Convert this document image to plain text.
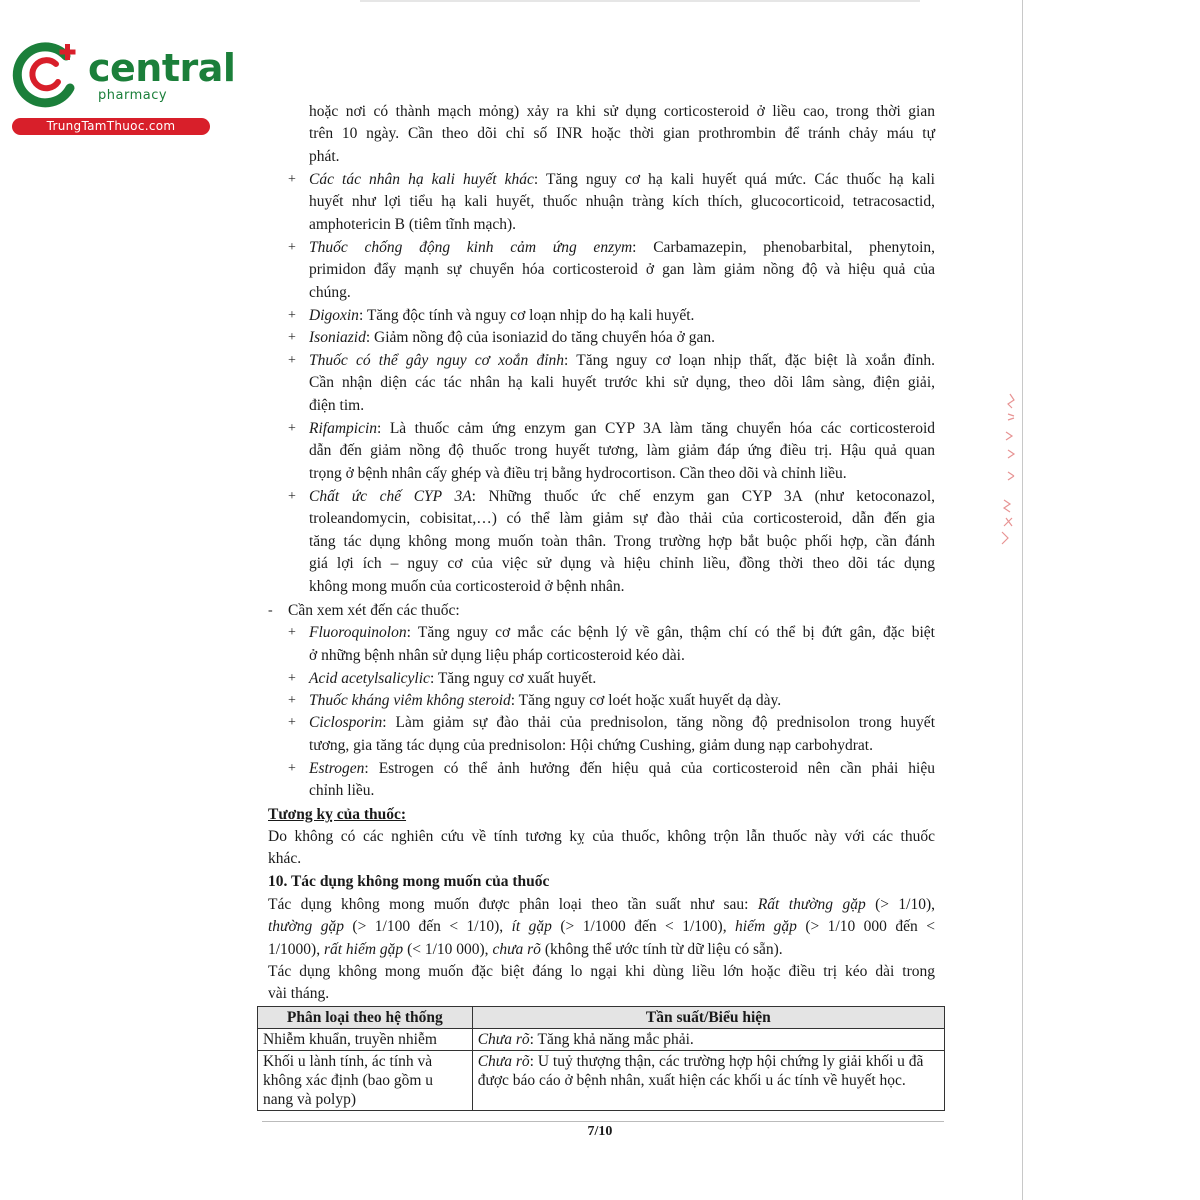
central
pharmacy
TrungTamThuoc.com
hoặc nơi có thành mạch mỏng) xảy ra khi sử dụng corticosteroid ở liều cao, trong thời gian
trên 10 ngày. Cần theo dõi chỉ số INR hoặc thời gian prothrombin để tránh chảy máu tự
phát.
+ Các tác nhân hạ kali huyết khác: Tăng nguy cơ hạ kali huyết quá mức. Các thuốc hạ kali
huyết như lợi tiểu hạ kali huyết, thuốc nhuận tràng kích thích, glucocorticoid, tetracosactid,
amphotericin B (tiêm tĩnh mạch).
+ Thuốc chống động kinh cảm ứng enzym: Carbamazepin, phenobarbital, phenytoin,
primidon đẩy mạnh sự chuyển hóa corticosteroid ở gan làm giảm nồng độ và hiệu quả của
chúng.
+ Digoxin: Tăng độc tính và nguy cơ loạn nhịp do hạ kali huyết.
+ Isoniazid: Giảm nồng độ của isoniazid do tăng chuyển hóa ở gan.
+ Thuốc có thể gây nguy cơ xoắn đỉnh: Tăng nguy cơ loạn nhịp thất, đặc biệt là xoắn đỉnh.
Cần nhận diện các tác nhân hạ kali huyết trước khi sử dụng, theo dõi lâm sàng, điện giải,
điện tim.
+ Rifampicin: Là thuốc cảm ứng enzym gan CYP 3A làm tăng chuyển hóa các corticosteroid
dẫn đến giảm nồng độ thuốc trong huyết tương, làm giảm đáp ứng điều trị. Hậu quả quan
trọng ở bệnh nhân cấy ghép và điều trị bằng hydrocortison. Cần theo dõi và chỉnh liều.
+ Chất ức chế CYP 3A: Những thuốc ức chế enzym gan CYP 3A (như ketoconazol,
troleandomycin, cobisitat,…) có thể làm giảm sự đào thải của corticosteroid, dẫn đến gia
tăng tác dụng không mong muốn toàn thân. Trong trường hợp bắt buộc phối hợp, cần đánh
giá lợi ích – nguy cơ của việc sử dụng và hiệu chỉnh liều, đồng thời theo dõi tác dụng
không mong muốn của corticosteroid ở bệnh nhân.
- Cần xem xét đến các thuốc:
+ Fluoroquinolon: Tăng nguy cơ mắc các bệnh lý về gân, thậm chí có thể bị đứt gân, đặc biệt
ở những bệnh nhân sử dụng liệu pháp corticosteroid kéo dài.
+ Acid acetylsalicylic: Tăng nguy cơ xuất huyết.
+ Thuốc kháng viêm không steroid: Tăng nguy cơ loét hoặc xuất huyết dạ dày.
+ Ciclosporin: Làm giảm sự đào thải của prednisolon, tăng nồng độ prednisolon trong huyết
tương, gia tăng tác dụng của prednisolon: Hội chứng Cushing, giảm dung nạp carbohydrat.
+ Estrogen: Estrogen có thể ảnh hưởng đến hiệu quả của corticosteroid nên cần phải hiệu
chỉnh liều.
Tương kỵ của thuốc:
Do không có các nghiên cứu về tính tương kỵ của thuốc, không trộn lẫn thuốc này với các thuốc
khác.
10. Tác dụng không mong muốn của thuốc
Tác dụng không mong muốn được phân loại theo tần suất như sau: Rất thường gặp (> 1/10),
thường gặp (> 1/100 đến < 1/10), ít gặp (> 1/1000 đến < 1/100), hiếm gặp (> 1/10 000 đến <
1/1000), rất hiếm gặp (< 1/10 000), chưa rõ (không thể ước tính từ dữ liệu có sẵn).
Tác dụng không mong muốn đặc biệt đáng lo ngại khi dùng liều lớn hoặc điều trị kéo dài trong
vài tháng.
Phân loại theo hệ thống	Tần suất/Biểu hiện
Nhiễm khuẩn, truyền nhiễm	Chưa rõ: Tăng khả năng mắc phải.
Khối u lành tính, ác tính và không xác định (bao gồm u nang và polyp)	Chưa rõ: U tuỷ thượng thận, các trường hợp hội chứng ly giải khối u đã được báo cáo ở bệnh nhân, xuất hiện các khối u ác tính về huyết học.
7/10
